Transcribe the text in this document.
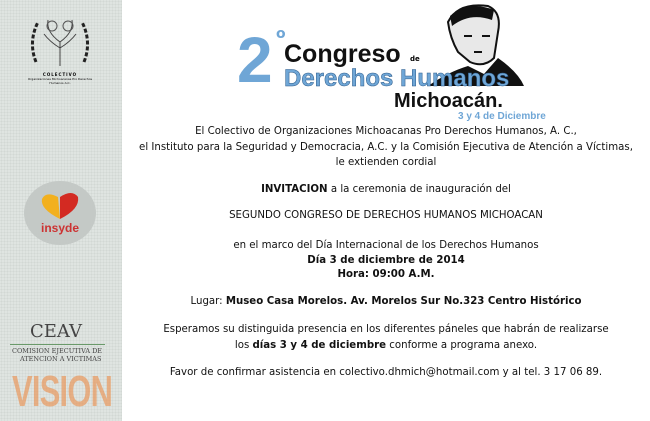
COLECTIVO
Organizaciones Michoacanas Pro Derechos Humanos A.C.
insyde
CEAV
COMISION EJECUTIVA DE
ATENCION A VICTIMAS
VISION
2 o
Congreso de
Derechos Humanos
Michoacán.
3 y 4 de Diciembre
El Colectivo de Organizaciones Michoacanas Pro Derechos Humanos, A. C.,
el Instituto para la Seguridad y Democracia, A.C. y la Comisión Ejecutiva de Atención a Víctimas,
le extienden cordial
INVITACION a la ceremonia de inauguración del
SEGUNDO CONGRESO DE DERECHOS HUMANOS MICHOACAN
en el marco del Día Internacional de los Derechos Humanos
Día 3 de diciembre de 2014
Hora: 09:00 A.M.
Lugar: Museo Casa Morelos. Av. Morelos Sur No.323 Centro Histórico
Esperamos su distinguida presencia en los diferentes páneles que habrán de realizarse
los días 3 y 4 de diciembre conforme a programa anexo.
Favor de confirmar asistencia en colectivo.dhmich@hotmail.com y al tel. 3 17 06 89.
